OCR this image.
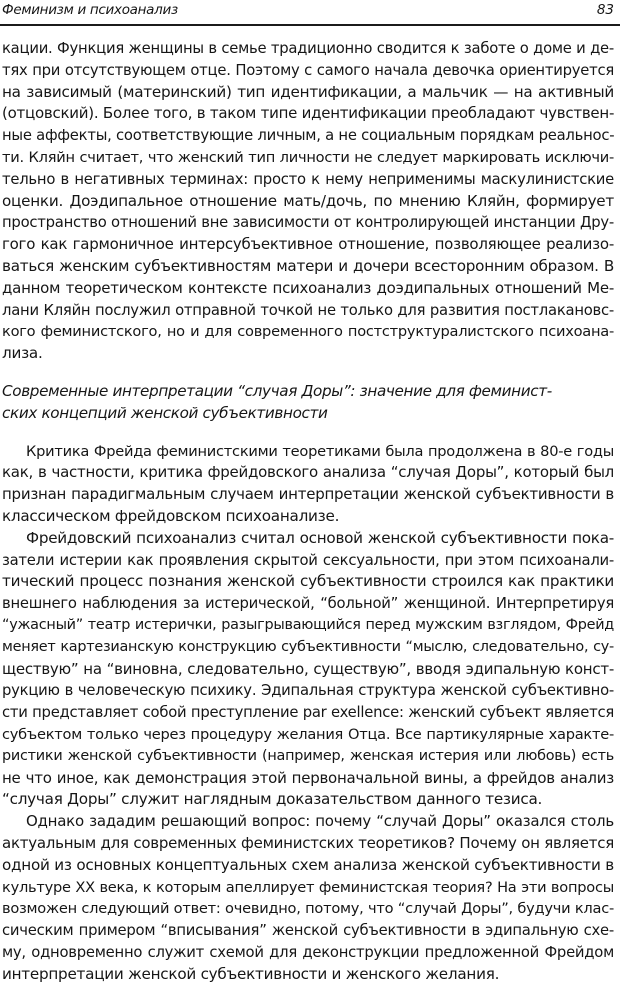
Феминизм и психоанализ	83
кации. Функция женщины в семье традиционно сводится к заботе о доме и де-
тях при отсутствующем отце. Поэтому с самого начала девочка ориентируется
на зависимый (материнский) тип идентификации, а мальчик — на активный
(отцовский). Более того, в таком типе идентификации преобладают чувствен-
ные аффекты, соответствующие личным, а не социальным порядкам реальнос-
ти. Кляйн считает, что женский тип личности не следует маркировать исключи-
тельно в негативных терминах: просто к нему неприменимы маскулинистские
оценки. Доэдипальное отношение мать/дочь, по мнению Кляйн, формирует
пространство отношений вне зависимости от контролирующей инстанции Дру-
гого как гармоничное интерсубъективное отношение, позволяющее реализо-
ваться женским субъективностям матери и дочери всесторонним образом. В
данном теоретическом контексте психоанализ доэдипальных отношений Ме-
лани Кляйн послужил отправной точкой не только для развития постлакановс-
кого феминистского, но и для современного постструктуралистского психоана-
лиза.
Современные интерпретации “случая Доры”: значение для феминист-
ских концепций женской субъективности
Критика Фрейда феминистскими теоретиками была продолжена в 80-е годы
как, в частности, критика фрейдовского анализа “случая Доры”, который был
признан парадигмальным случаем интерпретации женской субъективности в
классическом фрейдовском психоанализе.
Фрейдовский психоанализ считал основой женской субъективности пока-
затели истерии как проявления скрытой сексуальности, при этом психоанали-
тический процесс познания женской субъективности строился как практики
внешнего наблюдения за истерической, “больной” женщиной. Интерпретируя
“ужасный” театр истерички, разыгрывающийся перед мужским взглядом, Фрейд
меняет картезианскую конструкцию субъективности “мыслю, следовательно, су-
ществую” на “виновна, следовательно, существую”, вводя эдипальную конст-
рукцию в человеческую психику. Эдипальная структура женской субъективно-
сти представляет собой преступление par exellence: женский субъект является
субъектом только через процедуру желания Отца. Все партикулярные характе-
ристики женской субъективности (например, женская истерия или любовь) есть
не что иное, как демонстрация этой первоначальной вины, а фрейдов анализ
“случая Доры” служит наглядным доказательством данного тезиса.
Однако зададим решающий вопрос: почему “случай Доры” оказался столь
актуальным для современных феминистских теоретиков? Почему он является
одной из основных концептуальных схем анализа женской субъективности в
культуре XX века, к которым апеллирует феминистская теория? На эти вопросы
возможен следующий ответ: очевидно, потому, что “случай Доры”, будучи клас-
сическим примером “вписывания” женской субъективности в эдипальную схе-
му, одновременно служит схемой для деконструкции предложенной Фрейдом
интерпретации женской субъективности и женского желания.
